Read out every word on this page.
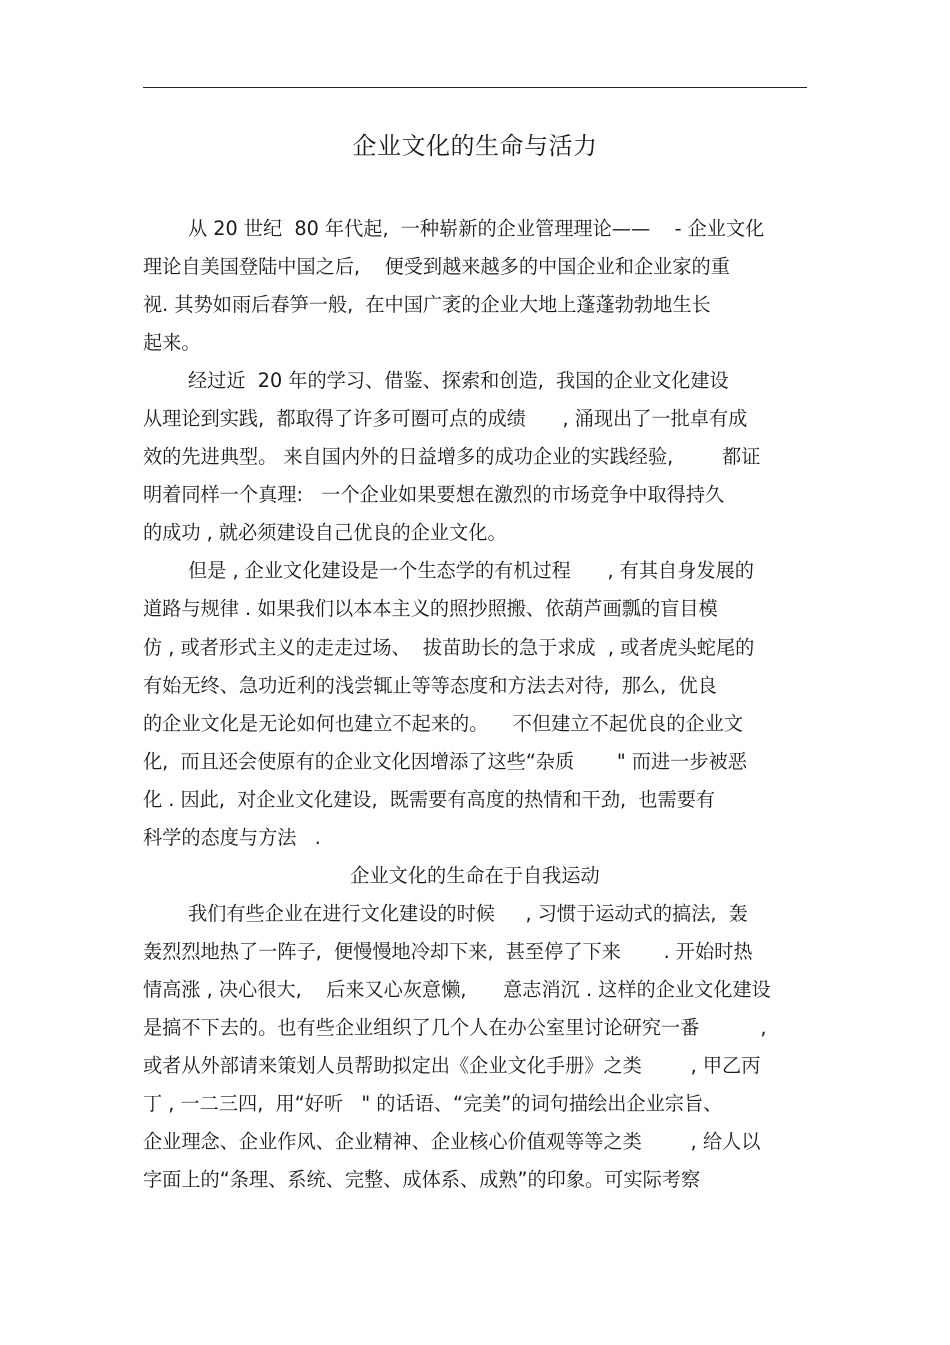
企业文化的生命与活力
从 20 世纪  80 年代起,  一种崭新的企业管理理论——    - 企业文化
理论自美国登陆中国之后,    便受到越来越多的中国企业和企业家的重
视. 其势如雨后春笋一般,  在中国广袤的企业大地上蓬蓬勃勃地生长
起来。
经过近  20 年的学习、借鉴、探索和创造,  我国的企业文化建设
从理论到实践,  都取得了许多可圈可点的成绩      , 涌现出了一批卓有成
效的先进典型。 来自国内外的日益增多的成功企业的实践经验,        都证
明着同样一个真理:   一个企业如果要想在激烈的市场竞争中取得持久
的成功 , 就必须建设自己优良的企业文化。
但是 , 企业文化建设是一个生态学的有机过程      , 有其自身发展的
道路与规律 . 如果我们以本本主义的照抄照搬、依葫芦画瓢的盲目模
仿 , 或者形式主义的走走过场、  拔苗助长的急于求成  , 或者虎头蛇尾的
有始无终、急功近利的浅尝辄止等等态度和方法去对待,  那么,  优良
的企业文化是无论如何也建立不起来的。    不但建立不起优良的企业文
化,  而且还会使原有的企业文化因增添了这些“杂质       " 而进一步被恶
化 . 因此,  对企业文化建设,  既需要有高度的热情和干劲,  也需要有
科学的态度与方法   .
企业文化的生命在于自我运动
我们有些企业在进行文化建设的时候     , 习惯于运动式的搞法,  轰
轰烈烈地热了一阵子,  便慢慢地冷却下来,  甚至停了下来       . 开始时热
情高涨 , 决心很大,    后来又心灰意懒,      意志消沉 . 这样的企业文化建设
是搞不下去的。也有些企业组织了几个人在办公室里讨论研究一番          ,
或者从外部请来策划人员帮助拟定出《企业文化手册》之类        , 甲乙丙
丁 , 一二三四,  用“好听   " 的话语、“完美”的词句描绘出企业宗旨、
企业理念、企业作风、企业精神、企业核心价值观等等之类        , 给人以
字面上的“条理、系统、完整、成体系、成熟”的印象。可实际考察
